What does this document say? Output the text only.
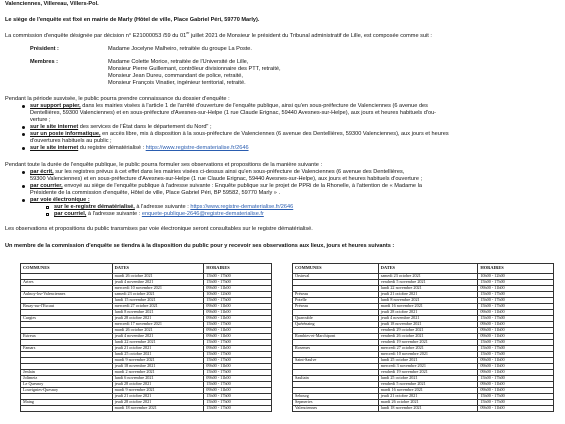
Valenciennes, Villereau, Villers-Pol.
Le siège de l'enquête est fixé en mairie de Marly (Hôtel de ville, Place Gabriel Péri, 59770 Marly).
La commission d'enquête désignée par décision n° E21000053 /59 du 01er juillet 2021 de Monsieur le président du Tribunal administratif de Lille, est composée comme suit :
Président :	Madame Jocelyne Malheiro, retraitée du groupe La Poste.
Membres :	Madame Colette Morice, retraitée de l'Université de Lille,
Monsieur Pierre Guillemant, contrôleur divisionnaire des PTT, retraité,
Monsieur Jean Dureu, commandant de police, retraité,
Monsieur François Vinatier, ingénieur territorial, retraité.
Pendant la période susvisée, le public pourra prendre connaissance du dossier d'enquête :
sur support papier, dans les mairies visées à l'article 1 de l'arrêté d'ouverture de l'enquête publique, ainsi qu'en sous-préfecture de Valenciennes (6 avenue des
Dentellières, 59300 Valenciennes) et en sous-préfecture d'Avesnes-sur-Helpe (1 rue Claude Erignac, 59440 Avesnes-sur-Helpe), aux jours et heures habituels d'ou-
verture ;
sur le site internet des services de l'État dans le département du Nord" ;
sur un poste informatique, en accès libre, mis à disposition à la sous-préfecture de Valenciennes (6 avenue des Dentellières, 59300 Valenciennes), aux jours et heures
d'ouvertures habituels au public ;
sur le site internet du registre dématérialisé : https://www.registre-dematerialise.fr/2646
Pendant toute la durée de l'enquête publique, le public pourra formuler ses observations et propositions de la manière suivante :
par écrit, sur les registres prévus à cet effet dans les mairies visées ci-dessus ainsi qu'en sous-préfecture de Valenciennes (6 avenue des Dentellières,
59300 Valenciennes) et en sous-préfecture d'Avesnes-sur-Helpe (1 rue Claude Erignac, 59440 Avesnes-sur-Helpe), aux jours et heures habituels d'ouverture ;
par courrier, envoyé au siège de l'enquête publique à l'adresse suivante : Enquête publique sur le projet de PPRi de la Rhonelle, à l'attention de « Madame la
Présidente de la commission d'enquête, Hôtel de ville, Place Gabriel Péri, BP 59582, 59770 Marly » .
par voie électronique :
sur le e-registre dématérialisé, à l'adresse suivante : https://www.registre-dematerialise.fr/2646
par courriel, à l'adresse suivante : enquete-publique-2646@registre-dematerialise.fr
Les observations et propositions du public transmises par voie électronique seront consultables sur le registre dématérialisé.
Un membre de la commission d'enquête se tiendra à la disposition du public pour y recevoir ses observations aux lieux, jours et heures suivants :
COMMUNES	DATES	HORAIRES
	mardi 26 octobre 2021	15h00 - 17h00
Artres	jeudi 4 novembre 2021	15h00 - 17h00
	mercredi 10 novembre 2021	09h00 - 11h00
Aulnoy-lez-Valenciennes	samedi 23 octobre 2021	10h00 - 12h00
	lundi 15 novembre 2021	15h00 - 17h00
Bruay-sur-l'Escaut	mercredi 27 octobre 2021	09h00 - 11h00
	lundi 8 novembre 2021	09h00 - 11h00
Curgies	jeudi 28 octobre 2021	09h00 - 11h00
	mercredi 17 novembre 2021	15h00 - 17h00
	mardi 26 octobre 2021	09h00 - 11h00
Estreux	jeudi 4 novembre 2021	09h00 - 11h00
	lundi 22 novembre 2021	15h00 - 17h00
Famars	jeudi 21 octobre 2021	09h00 - 11h00
	lundi 25 octobre 2021	15h00 - 17h00
	mardi 9 novembre 2021	15h00 - 17h00
	jeudi 18 novembre 2021	09h00 - 11h00
Jenlain	mardi 2 novembre 2021	15h00 - 17h00
Jolimetz	lundi 6 novembre 2021	09h00 - 11h00
Le Quesnoy	jeudi 28 octobre 2021	15h00 - 17h00
Louvignies-Quesnoy	mardi 9 novembre 2021	09h00 - 11h00
	jeudi 21 octobre 2021	15h00 - 17h00
Maing	jeudi 28 octobre 2021	15h00 - 17h00
	mardi 18 novembre 2021	15h00 - 17h00
COMMUNES	DATES	HORAIRES
Orsinval	samedi 23 octobre 2021	10h00 - 12h00
	vendredi 5 novembre 2021	15h00 - 17h00
	lundi 22 novembre 2021	09h00 - 11h00
Préseau	jeudi 21 octobre 2021	15h00 - 17h00
Potelle	lundi 8 novembre 2021	15h00 - 17h00
Préseau	mardi 16 novembre 2021	15h00 - 17h00
	jeudi 28 octobre 2021	09h00 - 11h00
Quarouble	jeudi 4 novembre 2021	15h00 - 17h00
Quérénaing	jeudi 18 novembre 2021	09h00 - 11h00
	vendredi 29 octobre 2021	09h00 - 11h00
Rombies-et-Marchipont	vendredi 26 octobre 2021	09h00 - 11h00
	vendredi 19 novembre 2021	15h00 - 17h00
Rosemes	mercredi 27 octobre 2021	15h00 - 17h00
	mercredi 10 novembre 2021	15h00 - 17h00
Saint-Saulve	lundi 25 octobre 2021	09h00 - 11h00
	mercredi 3 novembre 2021	09h00 - 11h00
	vendredi 19 novembre 2021	09h00 - 11h00
Saultain	lundi 25 octobre 2021	15h00 - 17h00
	vendredi 5 novembre 2021	09h00 - 11h00
	mardi 16 novembre 2021	09h00 - 11h00
Sebourg	jeudi 21 octobre 2021	15h00 - 17h00
Sepmeries	mardi 26 octobre 2021	15h00 - 17h00
Valenciennes	lundi 18 novembre 2021	09h00 - 11h00
